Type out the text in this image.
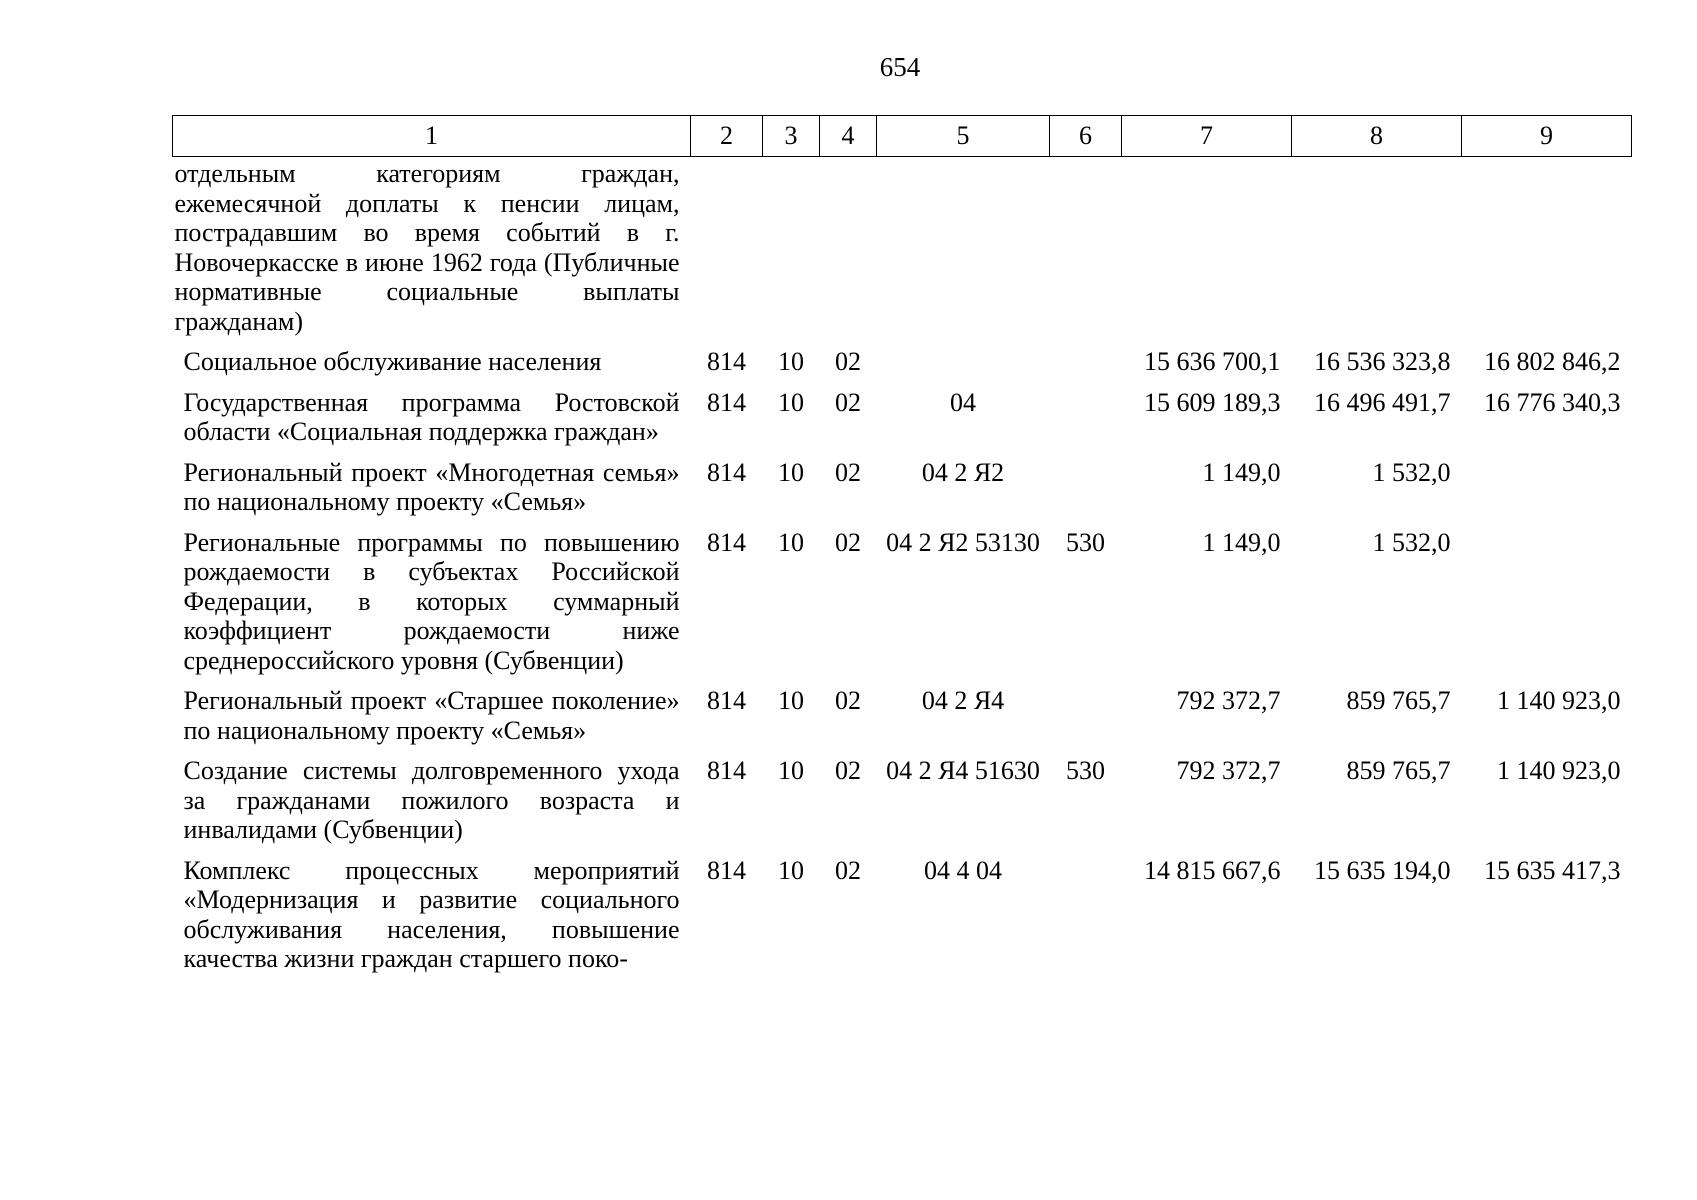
654
1	2	3	4	5	6	7	8	9
отдельным категориям граждан, ежемесячной доплаты к пенсии лицам, пострадавшим во время событий в г. Новочеркасске в июне 1962 года (Публичные нормативные социальные выплаты гражданам)								
Социальное обслуживание населения	814	10	02			15 636 700,1	16 536 323,8	16 802 846,2
Государственная программа Ростовской области «Социальная поддержка граждан»	814	10	02	04		15 609 189,3	16 496 491,7	16 776 340,3
Региональный проект «Многодетная семья» по национальному проекту «Семья»	814	10	02	04 2 Я2		1 149,0	1 532,0	
Региональные программы по повышению рождаемости в субъектах Российской Федерации, в которых суммарный коэффициент рождаемости ниже среднероссийского уровня (Субвенции)	814	10	02	04 2 Я2 53130	530	1 149,0	1 532,0	
Региональный проект «Старшее поколение» по национальному проекту «Семья»	814	10	02	04 2 Я4		792 372,7	859 765,7	1 140 923,0
Создание системы долговременного ухода за гражданами пожилого возраста и инвалидами (Субвенции)	814	10	02	04 2 Я4 51630	530	792 372,7	859 765,7	1 140 923,0
Комплекс процессных мероприятий «Модернизация и развитие социального обслуживания населения, повышение качества жизни граждан старшего поко-	814	10	02	04 4 04		14 815 667,6	15 635 194,0	15 635 417,3
